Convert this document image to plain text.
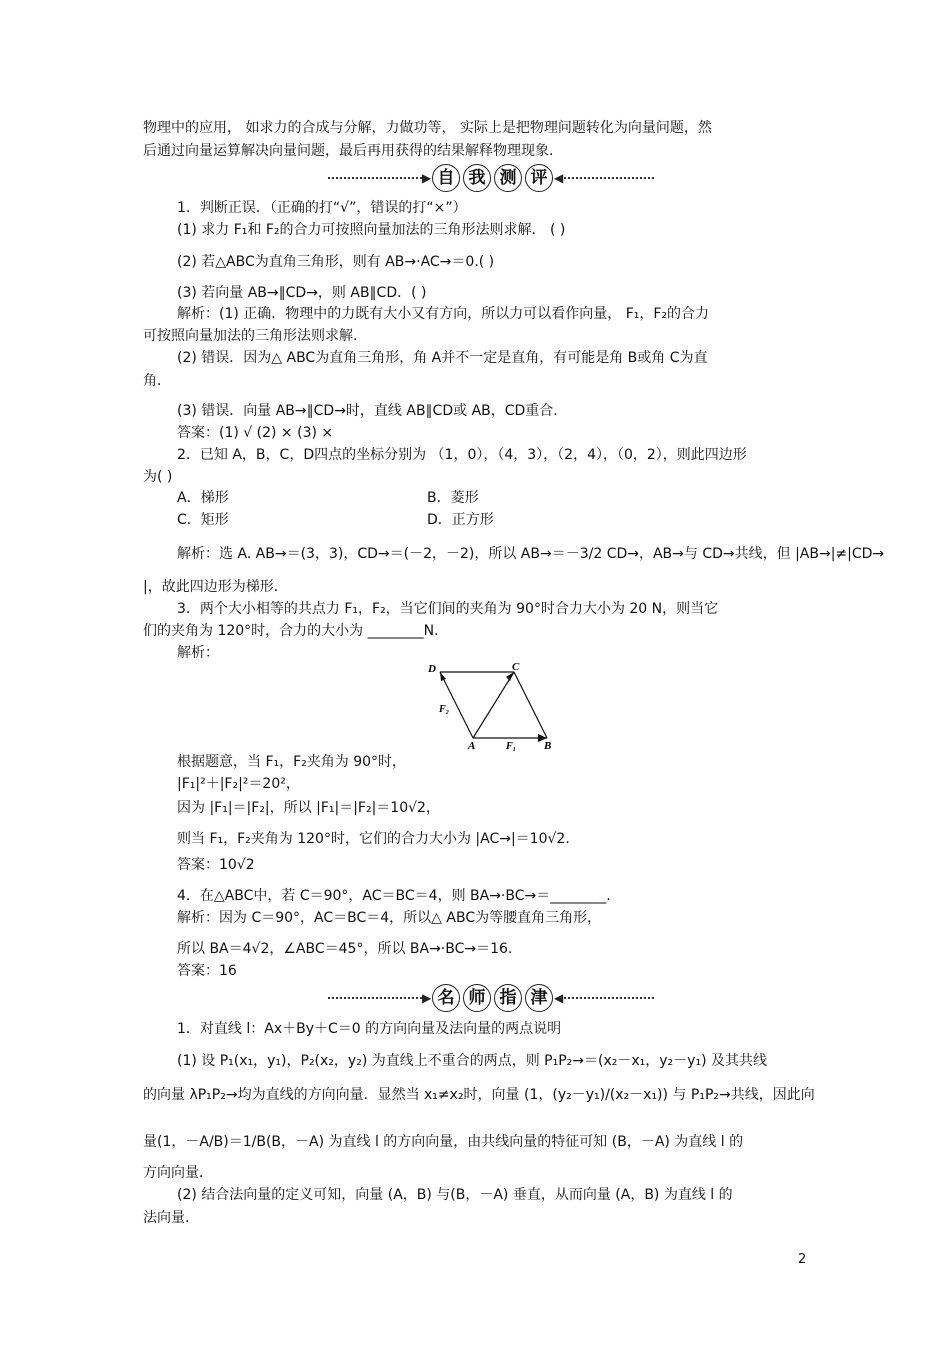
物理中的应用， 如求力的合成与分解，力做功等， 实际上是把物理问题转化为向量问题，然
后通过向量运算解决向量问题，最后再用获得的结果解释物理现象.
▶ 自 我 测 评 ◀
1．判断正误．（正确的打“√”，错误的打“×”）
(1) 求力 F₁和 F₂的合力可按照向量加法的三角形法则求解． ( )
(2) 若△ABC为直角三角形，则有 AB→·AC→＝0.( )
(3) 若向量 AB→∥CD→，则 AB∥CD．( )
解析：(1) 正确．物理中的力既有大小又有方向，所以力可以看作向量， F₁，F₂的合力
可按照向量加法的三角形法则求解．
(2) 错误．因为△ ABC为直角三角形，角 A并不一定是直角，有可能是角 B或角 C为直
角．
(3) 错误．向量 AB→∥CD→时，直线 AB∥CD或 AB，CD重合．
答案：(1) √ (2) × (3) ×
2．已知 A，B，C，D四点的坐标分别为 （1，0），（4，3），（2，4），（0，2），则此四边形
为( )
A．梯形	B．菱形
C．矩形	D．正方形
解析：选 A. AB→＝(3，3)，CD→＝(－2，－2)，所以 AB→＝－3/2 CD→，AB→与 CD→共线，但 |AB→|≠|CD→
|，故此四边形为梯形．
3．两个大小相等的共点力 F₁，F₂，当它们间的夹角为 90°时合力大小为 20 N，则当它
们的夹角为 120°时，合力的大小为 ________N.
解析：
D	C
F₂
A	F₁	B
根据题意，当 F₁，F₂夹角为 90°时，
|F₁|²＋|F₂|²＝20²，
因为 |F₁|＝|F₂|，所以 |F₁|＝|F₂|＝10√2，
则当 F₁，F₂夹角为 120°时，它们的合力大小为 |AC→|＝10√2.
答案：10√2
4．在△ABC中，若 C＝90°，AC＝BC＝4，则 BA→·BC→＝________.
解析：因为 C＝90°，AC＝BC＝4，所以△ ABC为等腰直角三角形，
所以 BA＝4√2，∠ABC＝45°，所以 BA→·BC→＝16.
答案：16
▶ 名 师 指 津 ◀
1．对直线 l：Ax＋By＋C＝0 的方向向量及法向量的两点说明
(1) 设 P₁(x₁，y₁)，P₂(x₂，y₂) 为直线上不重合的两点，则 P₁P₂→＝(x₂－x₁，y₂－y₁) 及其共线
的向量 λP₁P₂→均为直线的方向向量．显然当 x₁≠x₂时，向量 (1，(y₂－y₁)/(x₂－x₁)) 与 P₁P₂→共线，因此向
量(1，－A/B)＝1/B(B，－A) 为直线 l 的方向向量，由共线向量的特征可知 (B，－A) 为直线 l 的
方向向量．
(2) 结合法向量的定义可知，向量 (A，B) 与(B，－A) 垂直，从而向量 (A，B) 为直线 l 的
法向量．
2
